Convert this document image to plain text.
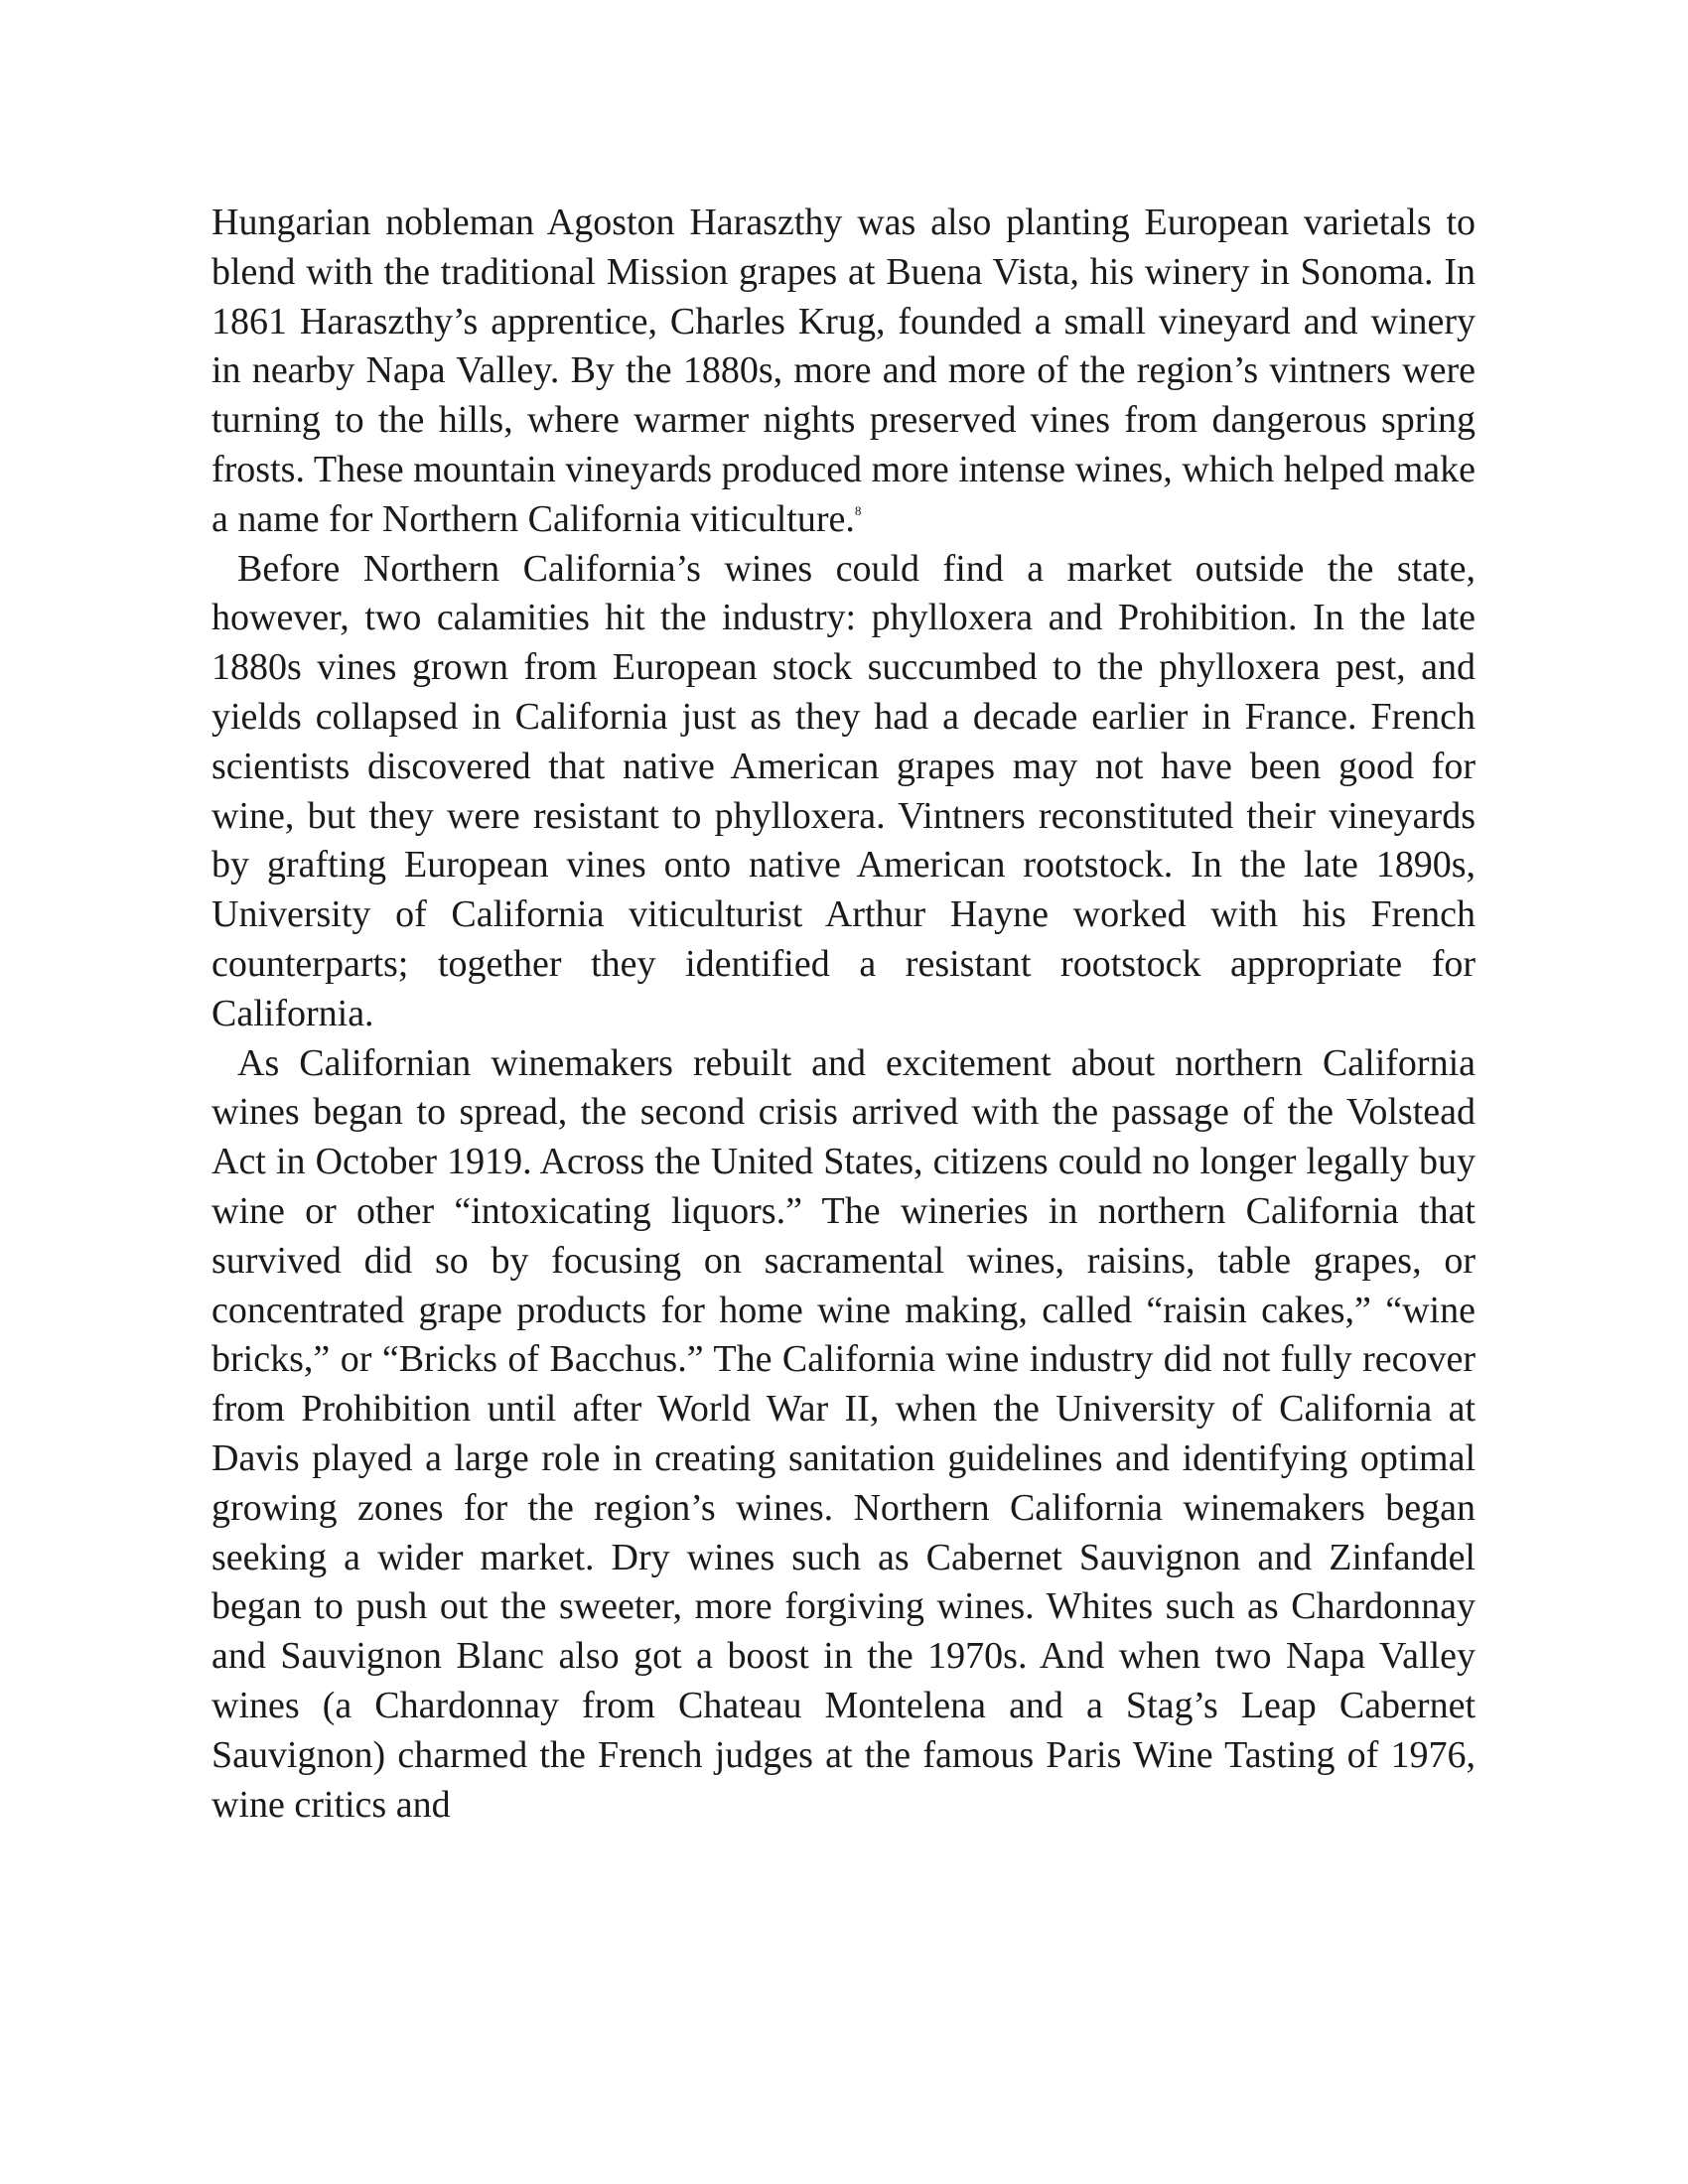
Hungarian nobleman Agoston Haraszthy was also planting European varietals to blend with the traditional Mission grapes at Buena Vista, his winery in Sonoma. In 1861 Haraszthy’s apprentice, Charles Krug, founded a small vineyard and winery in nearby Napa Valley. By the 1880s, more and more of the region’s vintners were turning to the hills, where warmer nights preserved vines from dangerous spring frosts. These mountain vineyards produced more intense wines, which helped make a name for Northern California viticulture.$^8$

Before Northern California’s wines could find a market outside the state, however, two calamities hit the industry: phylloxera and Prohibition. In the late 1880s vines grown from European stock succumbed to the phylloxera pest, and yields collapsed in California just as they had a decade earlier in France. French scientists discovered that native American grapes may not have been good for wine, but they were resistant to phylloxera. Vintners reconstituted their vineyards by grafting European vines onto native American rootstock. In the late 1890s, University of California viticulturist Arthur Hayne worked with his French counterparts; together they identified a resistant rootstock appropriate for California.

As Californian winemakers rebuilt and excitement about northern California wines began to spread, the second crisis arrived with the passage of the Volstead Act in October 1919. Across the United States, citizens could no longer legally buy wine or other “intoxicating liquors.” The wineries in northern California that survived did so by focusing on sacramental wines, raisins, table grapes, or concentrated grape products for home wine making, called “raisin cakes,” “wine bricks,” or “Bricks of Bacchus.” The California wine industry did not fully recover from Prohibition until after World War II, when the University of California at Davis played a large role in creating sanitation guidelines and identifying optimal growing zones for the region’s wines. Northern California winemakers began seeking a wider market. Dry wines such as Cabernet Sauvignon and Zinfandel began to push out the sweeter, more forgiving wines. Whites such as Chardonnay and Sauvignon Blanc also got a boost in the 1970s. And when two Napa Valley wines (a Chardonnay from Chateau Montelena and a Stag’s Leap Cabernet Sauvignon) charmed the French judges at the famous Paris Wine Tasting of 1976, wine critics and
